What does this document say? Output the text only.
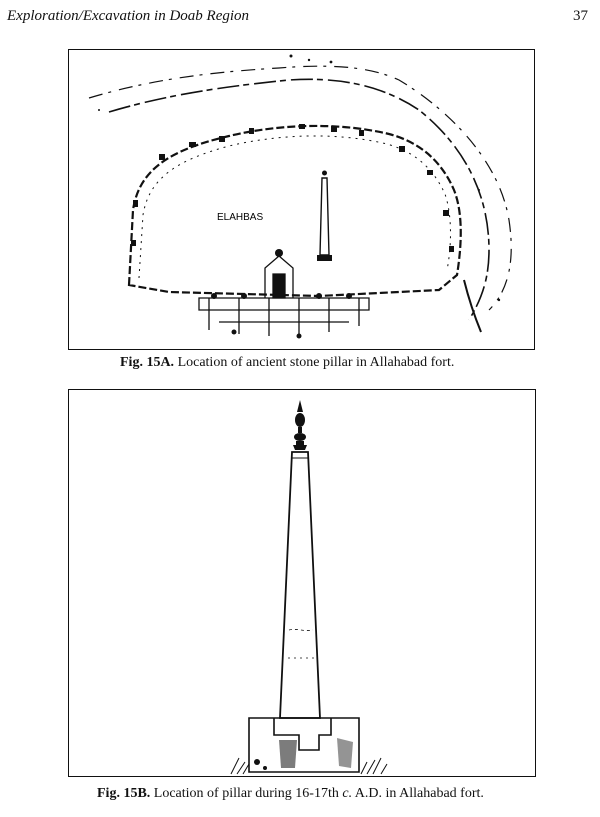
Exploration/Excavation in Doab Region	37
ELAHBAS
Fig. 15A. Location of ancient stone pillar in Allahabad fort.
Fig. 15B. Location of pillar during 16-17th c. A.D. in Allahabad fort.
